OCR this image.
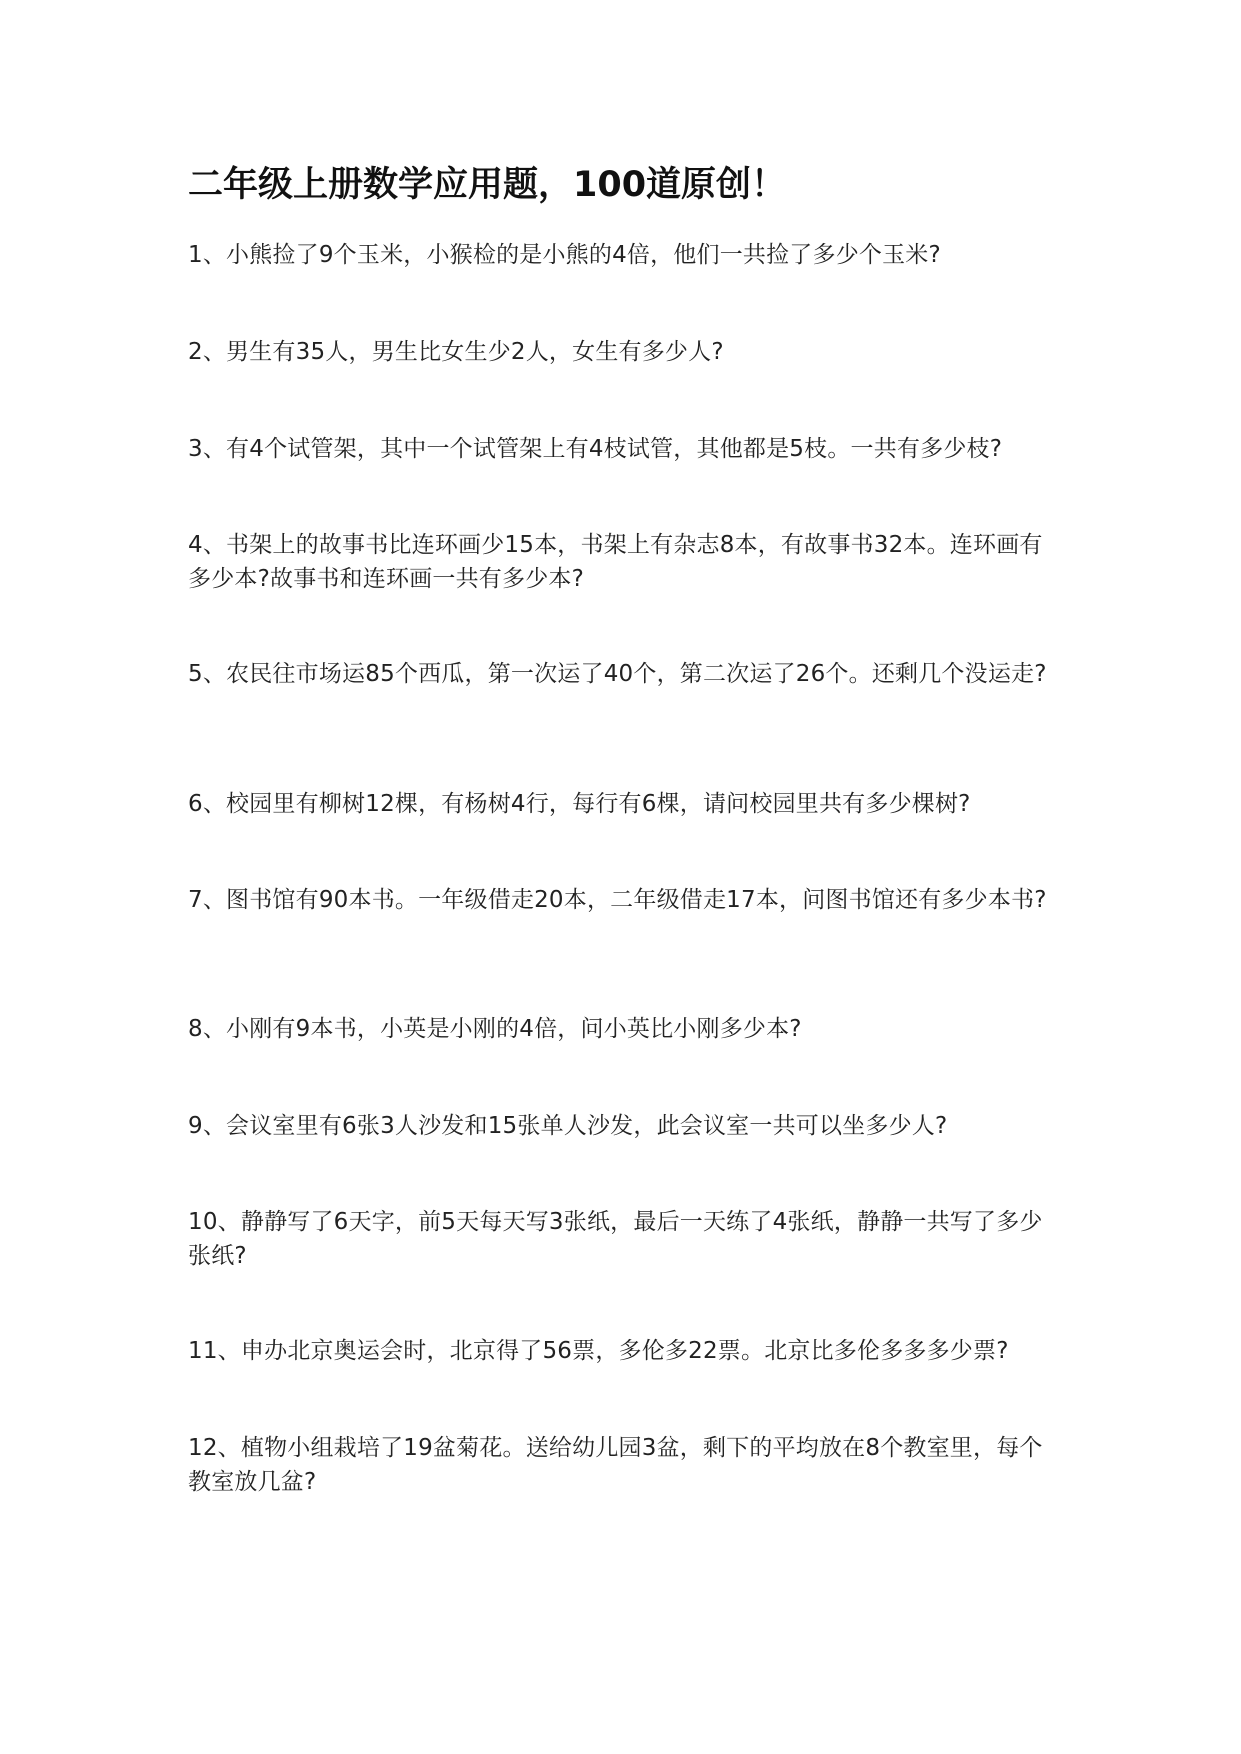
二年级上册数学应用题，100道原创！

1、小熊捡了9个玉米，小猴检的是小熊的4倍，他们一共捡了多少个玉米?

2、男生有35人，男生比女生少2人，女生有多少人?

3、有4个试管架，其中一个试管架上有4枝试管，其他都是5枝。一共有多少枝?

4、书架上的故事书比连环画少15本，书架上有杂志8本，有故事书32本。连环画有多少本?故事书和连环画一共有多少本?

5、农民往市场运85个西瓜，第一次运了40个，第二次运了26个。还剩几个没运走?

6、校园里有柳树12棵，有杨树4行，每行有6棵，请问校园里共有多少棵树?

7、图书馆有90本书。一年级借走20本，二年级借走17本，问图书馆还有多少本书?

8、小刚有9本书，小英是小刚的4倍，问小英比小刚多少本?

9、会议室里有6张3人沙发和15张单人沙发，此会议室一共可以坐多少人?

10、静静写了6天字，前5天每天写3张纸，最后一天练了4张纸，静静一共写了多少张纸?

11、申办北京奥运会时，北京得了56票，多伦多22票。北京比多伦多多多少票?

12、植物小组栽培了19盆菊花。送给幼儿园3盆，剩下的平均放在8个教室里，每个教室放几盆?
